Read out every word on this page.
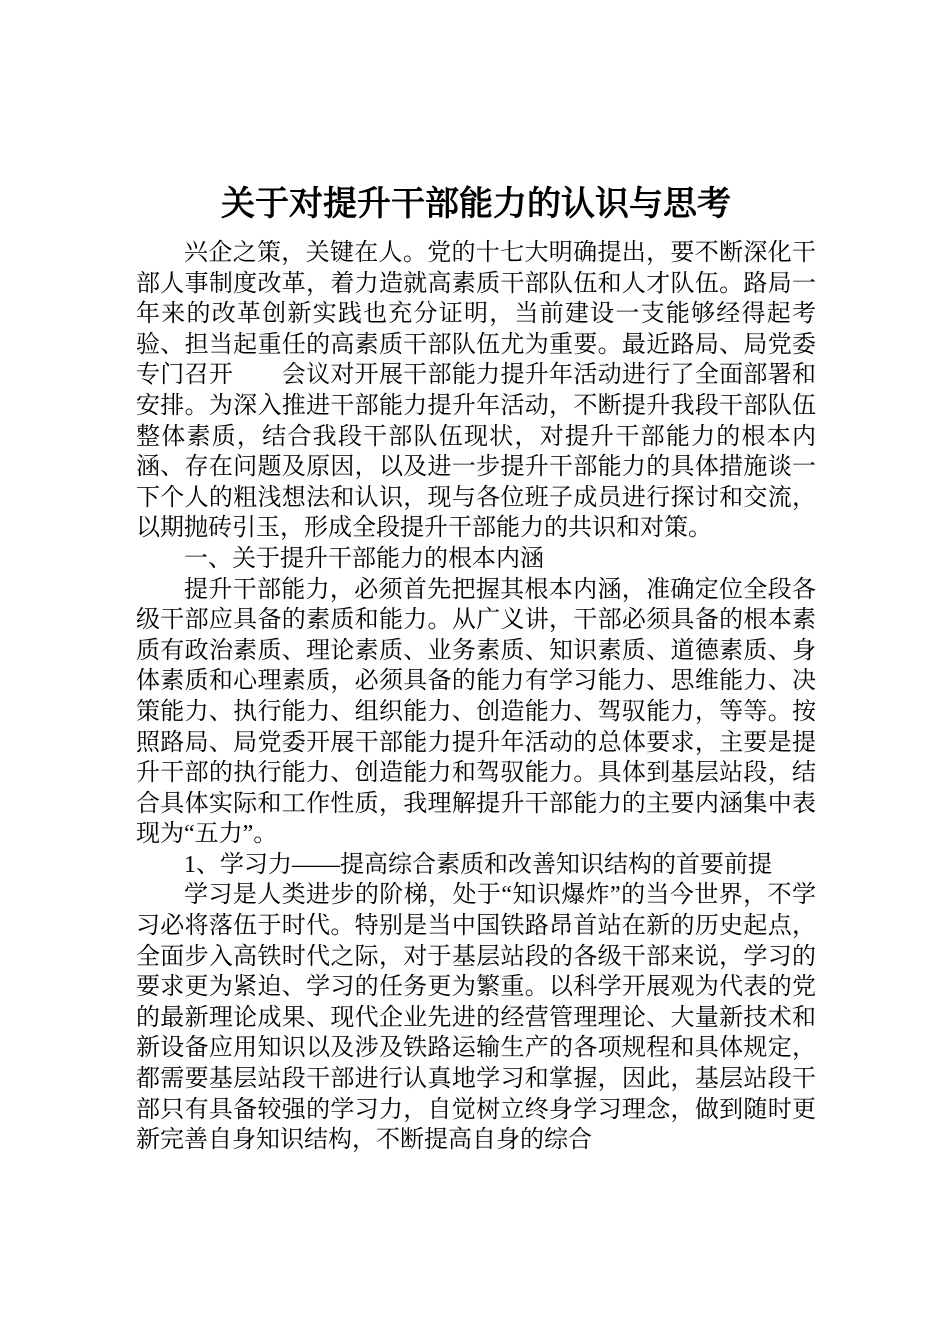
关于对提升干部能力的认识与思考

兴企之策，关键在人。党的十七大明确提出，要不断深化干部人事制度改革，着力造就高素质干部队伍和人才队伍。路局一年来的改革创新实践也充分证明，当前建设一支能够经得起考验、担当起重任的高素质干部队伍尤为重要。最近路局、局党委专门召开　　会议对开展干部能力提升年活动进行了全面部署和安排。为深入推进干部能力提升年活动，不断提升我段干部队伍整体素质，结合我段干部队伍现状，对提升干部能力的根本内涵、存在问题及原因，以及进一步提升干部能力的具体措施谈一下个人的粗浅想法和认识，现与各位班子成员进行探讨和交流，以期抛砖引玉，形成全段提升干部能力的共识和对策。

一、关于提升干部能力的根本内涵

提升干部能力，必须首先把握其根本内涵，准确定位全段各级干部应具备的素质和能力。从广义讲，干部必须具备的根本素质有政治素质、理论素质、业务素质、知识素质、道德素质、身体素质和心理素质，必须具备的能力有学习能力、思维能力、决策能力、执行能力、组织能力、创造能力、驾驭能力，等等。按照路局、局党委开展干部能力提升年活动的总体要求，主要是提升干部的执行能力、创造能力和驾驭能力。具体到基层站段，结合具体实际和工作性质，我理解提升干部能力的主要内涵集中表现为“五力”。

1、学习力——提高综合素质和改善知识结构的首要前提

学习是人类进步的阶梯，处于“知识爆炸”的当今世界，不学习必将落伍于时代。特别是当中国铁路昂首站在新的历史起点，全面步入高铁时代之际，对于基层站段的各级干部来说，学习的要求更为紧迫、学习的任务更为繁重。以科学开展观为代表的党的最新理论成果、现代企业先进的经营管理理论、大量新技术和新设备应用知识以及涉及铁路运输生产的各项规程和具体规定，都需要基层站段干部进行认真地学习和掌握，因此，基层站段干部只有具备较强的学习力，自觉树立终身学习理念，做到随时更新完善自身知识结构，不断提高自身的综合
